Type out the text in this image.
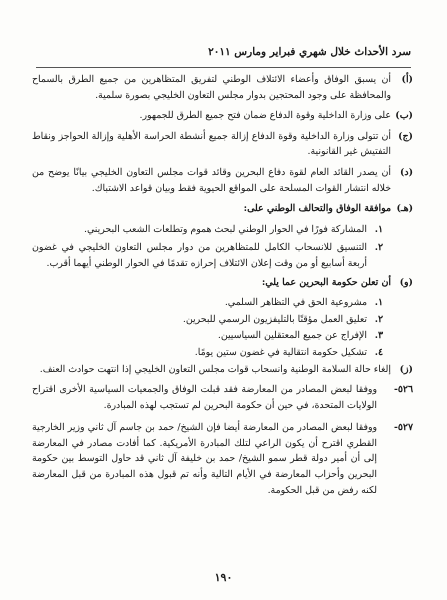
سرد الأحداث خلال شهري فبراير ومارس ٢٠١١
(أ)
أن يسبق الوفاق وأعضاء الائتلاف الوطني لتفريق المتظاهرين من جميع الطرق بالسماح والمحافظة على وجود المحتجين بدوار مجلس التعاون الخليجي بصورة سلمية.
(ب)
على وزارة الداخلية وقوة الدفاع ضمان فتح جميع الطرق للجمهور.
(ج)
أن تتولى وزارة الداخلية وقوة الدفاع إزالة جميع أنشطة الحراسة الأهلية وإزالة الحواجز ونقاط التفتيش غير القانونية.
(د)
أن يصدر القائد العام لقوة دفاع البحرين وقائد قوات مجلس التعاون الخليجي بيانًا يوضح من خلاله انتشار القوات المسلحة على المواقع الحيوية فقط وبيان قواعد الاشتباك.
(هـ)
موافقة الوفاق والتحالف الوطني على:
١.
المشاركة فورًا في الحوار الوطني لبحث هموم وتطلعات الشعب البحريني.
٢.
التنسيق للانسحاب الكامل للمتظاهرين من دوار مجلس التعاون الخليجي في غضون أربعة أسابيع أو من وقت إعلان الائتلاف إحرازه تقدمًا في الحوار الوطني أيهما أقرب.
(و)
أن تعلن حكومة البحرين عما يلي:
١.
مشروعية الحق في التظاهر السلمي.
٢.
تعليق العمل مؤقتًا بالتليفزيون الرسمي للبحرين.
٣.
الإفراج عن جميع المعتقلين السياسيين.
٤.
تشكيل حكومة انتقالية في غضون ستين يومًا.
(ز)
إلغاء حالة السلامة الوطنية وانسحاب قوات مجلس التعاون الخليجي إذا انتهت حوادث العنف.
٥٢٦-
ووفقا لبعض المصادر من المعارضة فقد قبلت الوفاق والجمعيات السياسية الأخرى اقتراح الولايات المتحدة، في حين أن حكومة البحرين لم تستجب لهذه المبادرة.
٥٢٧-
ووفقا لبعض المصادر من المعارضة أيضا فإن الشيخ/ حمد بن جاسم آل ثاني وزير الخارجية القطري اقترح أن يكون الراعي لتلك المبادرة الأمريكية. كما أفادت مصادر في المعارضة إلى أن أمير دولة قطر سمو الشيخ/ حمد بن خليفة آل ثاني قد حاول التوسط بين حكومة البحرين وأحزاب المعارضة في الأيام التالية وأنه تم قبول هذه المبادرة من قبل المعارضة لكنه رفض من قبل الحكومة.
١٩٠
